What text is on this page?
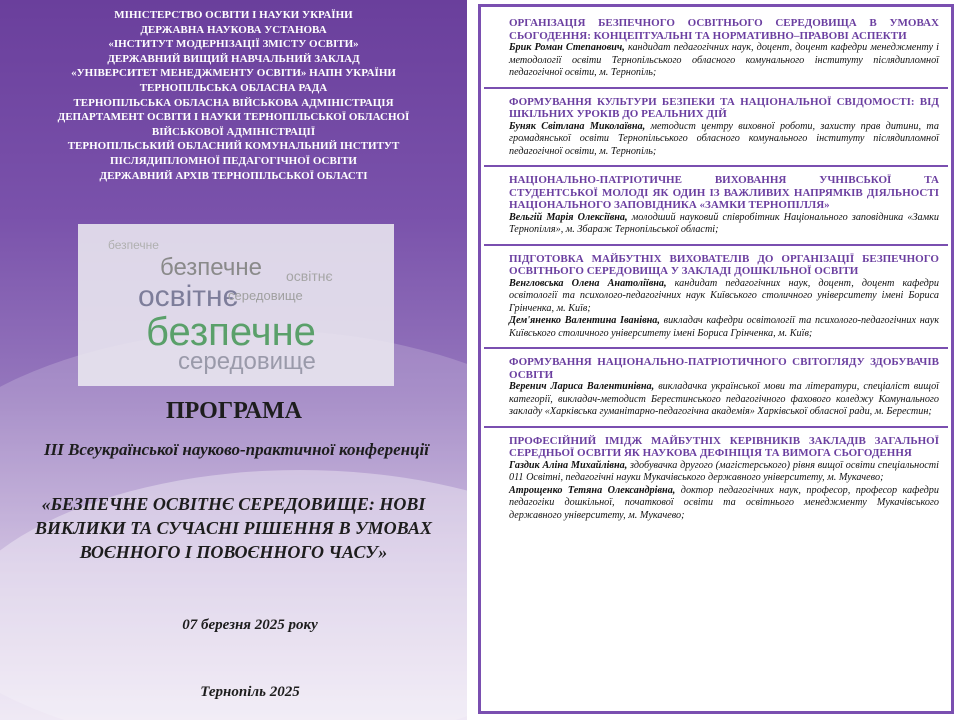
МІНІСТЕРСТВО ОСВІТИ І НАУКИ УКРАЇНИ
ДЕРЖАВНА НАУКОВА УСТАНОВА
«ІНСТИТУТ МОДЕРНІЗАЦІЇ ЗМІСТУ ОСВІТИ»
ДЕРЖАВНИЙ ВИЩИЙ НАВЧАЛЬНИЙ ЗАКЛАД
«УНІВЕРСИТЕТ МЕНЕДЖМЕНТУ ОСВІТИ» НАПН УКРАЇНИ
ТЕРНОПІЛЬСЬКА ОБЛАСНА РАДА
ТЕРНОПІЛЬСЬКА ОБЛАСНА ВІЙСЬКОВА АДМІНІСТРАЦІЯ
ДЕПАРТАМЕНТ ОСВІТИ І НАУКИ ТЕРНОПІЛЬСЬКОЇ ОБЛАСНОЇ
ВІЙСЬКОВОЇ АДМІНІСТРАЦІЇ
ТЕРНОПІЛЬСЬКИЙ ОБЛАСНИЙ КОМУНАЛЬНИЙ ІНСТИТУТ
ПІСЛЯДИПЛОМНОЇ ПЕДАГОГІЧНОЇ ОСВІТИ
ДЕРЖАВНИЙ АРХІВ ТЕРНОПІЛЬСЬКОЇ ОБЛАСТІ
безпечне
освітнє
безпечне
середовище
середовище
освітнє
безпечне
ПРОГРАМА
ІІІ Всеукраїнської науково-практичної конференції
«БЕЗПЕЧНЕ ОСВІТНЄ СЕРЕДОВИЩЕ: НОВІ
ВИКЛИКИ ТА СУЧАСНІ РІШЕННЯ В УМОВАХ
ВОЄННОГО І ПОВОЄННОГО ЧАСУ»
07 березня 2025 року
Тернопіль 2025
ОРГАНІЗАЦІЯ БЕЗПЕЧНОГО ОСВІТНЬОГО СЕРЕДОВИЩА В УМОВАХ СЬОГОДЕННЯ: КОНЦЕПТУАЛЬНІ ТА НОРМАТИВНО–ПРАВОВІ АСПЕКТИ
Брик Роман Степанович, кандидат педагогічних наук, доцент, доцент кафедри менеджменту і методології освіти Тернопільського обласного комунального інституту післядипломної педагогічної освіти, м. Тернопіль;
ФОРМУВАННЯ КУЛЬТУРИ БЕЗПЕКИ ТА НАЦІОНАЛЬНОЇ СВІДОМОСТІ: ВІД ШКІЛЬНИХ УРОКІВ ДО РЕАЛЬНИХ ДІЙ
Буняк Світлана Миколаївна, методист центру виховної роботи, захисту прав дитини, та громадянської освіти Тернопільського обласного комунального інституту післядипломної педагогічної освіти, м. Тернопіль;
НАЦІОНАЛЬНО-ПАТРІОТИЧНЕ ВИХОВАННЯ УЧНІВСЬКОЇ ТА СТУДЕНТСЬКОЇ МОЛОДІ ЯК ОДИН ІЗ ВАЖЛИВИХ НАПРЯМКІВ ДІЯЛЬНОСТІ НАЦІОНАЛЬНОГО ЗАПОВІДНИКА «ЗАМКИ ТЕРНОПІЛЛЯ»
Вельгій Марія Олексіївна, молодший науковий співробітник Національного заповідника «Замки Тернопілля», м. Збараж Тернопільської області;
ПІДГОТОВКА МАЙБУТНІХ ВИХОВАТЕЛІВ ДО ОРГАНІЗАЦІЇ БЕЗПЕЧНОГО ОСВІТНЬОГО СЕРЕДОВИЩА У ЗАКЛАДІ ДОШКІЛЬНОЇ ОСВІТИ
Венгловська Олена Анатоліївна, кандидат педагогічних наук, доцент, доцент кафедри освітології та психолого-педагогічних наук Київського столичного університету імені Бориса Грінченка, м. Київ;
Дем'яненко Валентина Іванівна, викладач кафедри освітології та психолого-педагогічних наук Київського столичного університету імені Бориса Грінченка, м. Київ;
ФОРМУВАННЯ НАЦІОНАЛЬНО-ПАТРІОТИЧНОГО СВІТОГЛЯДУ ЗДОБУВАЧІВ ОСВІТИ
Веренич Лариса Валентинівна, викладачка української мови та літератури, спеціаліст вищої категорії, викладач-методист Берестинського педагогічного фахового коледжу Комунального закладу «Харківська гуманітарно-педагогічна академія» Харківської обласної ради, м. Берестин;
ПРОФЕСІЙНИЙ ІМІДЖ МАЙБУТНІХ КЕРІВНИКІВ ЗАКЛАДІВ ЗАГАЛЬНОЇ СЕРЕДНЬОЇ ОСВІТИ ЯК НАУКОВА ДЕФІНІЦІЯ ТА ВИМОГА СЬОГОДЕННЯ
Газдик Аліна Михайлівна, здобувачка другого (магістерського) рівня вищої освіти спеціальності 011 Освітні, педагогічні науки Мукачівського державного університету, м. Мукачево;
Атрощенко Тетяна Олександрівна, доктор педагогічних наук, професор, професор кафедри педагогіки дошкільної, початкової освіти та освітнього менеджменту Мукачівського державного університету, м. Мукачево;
